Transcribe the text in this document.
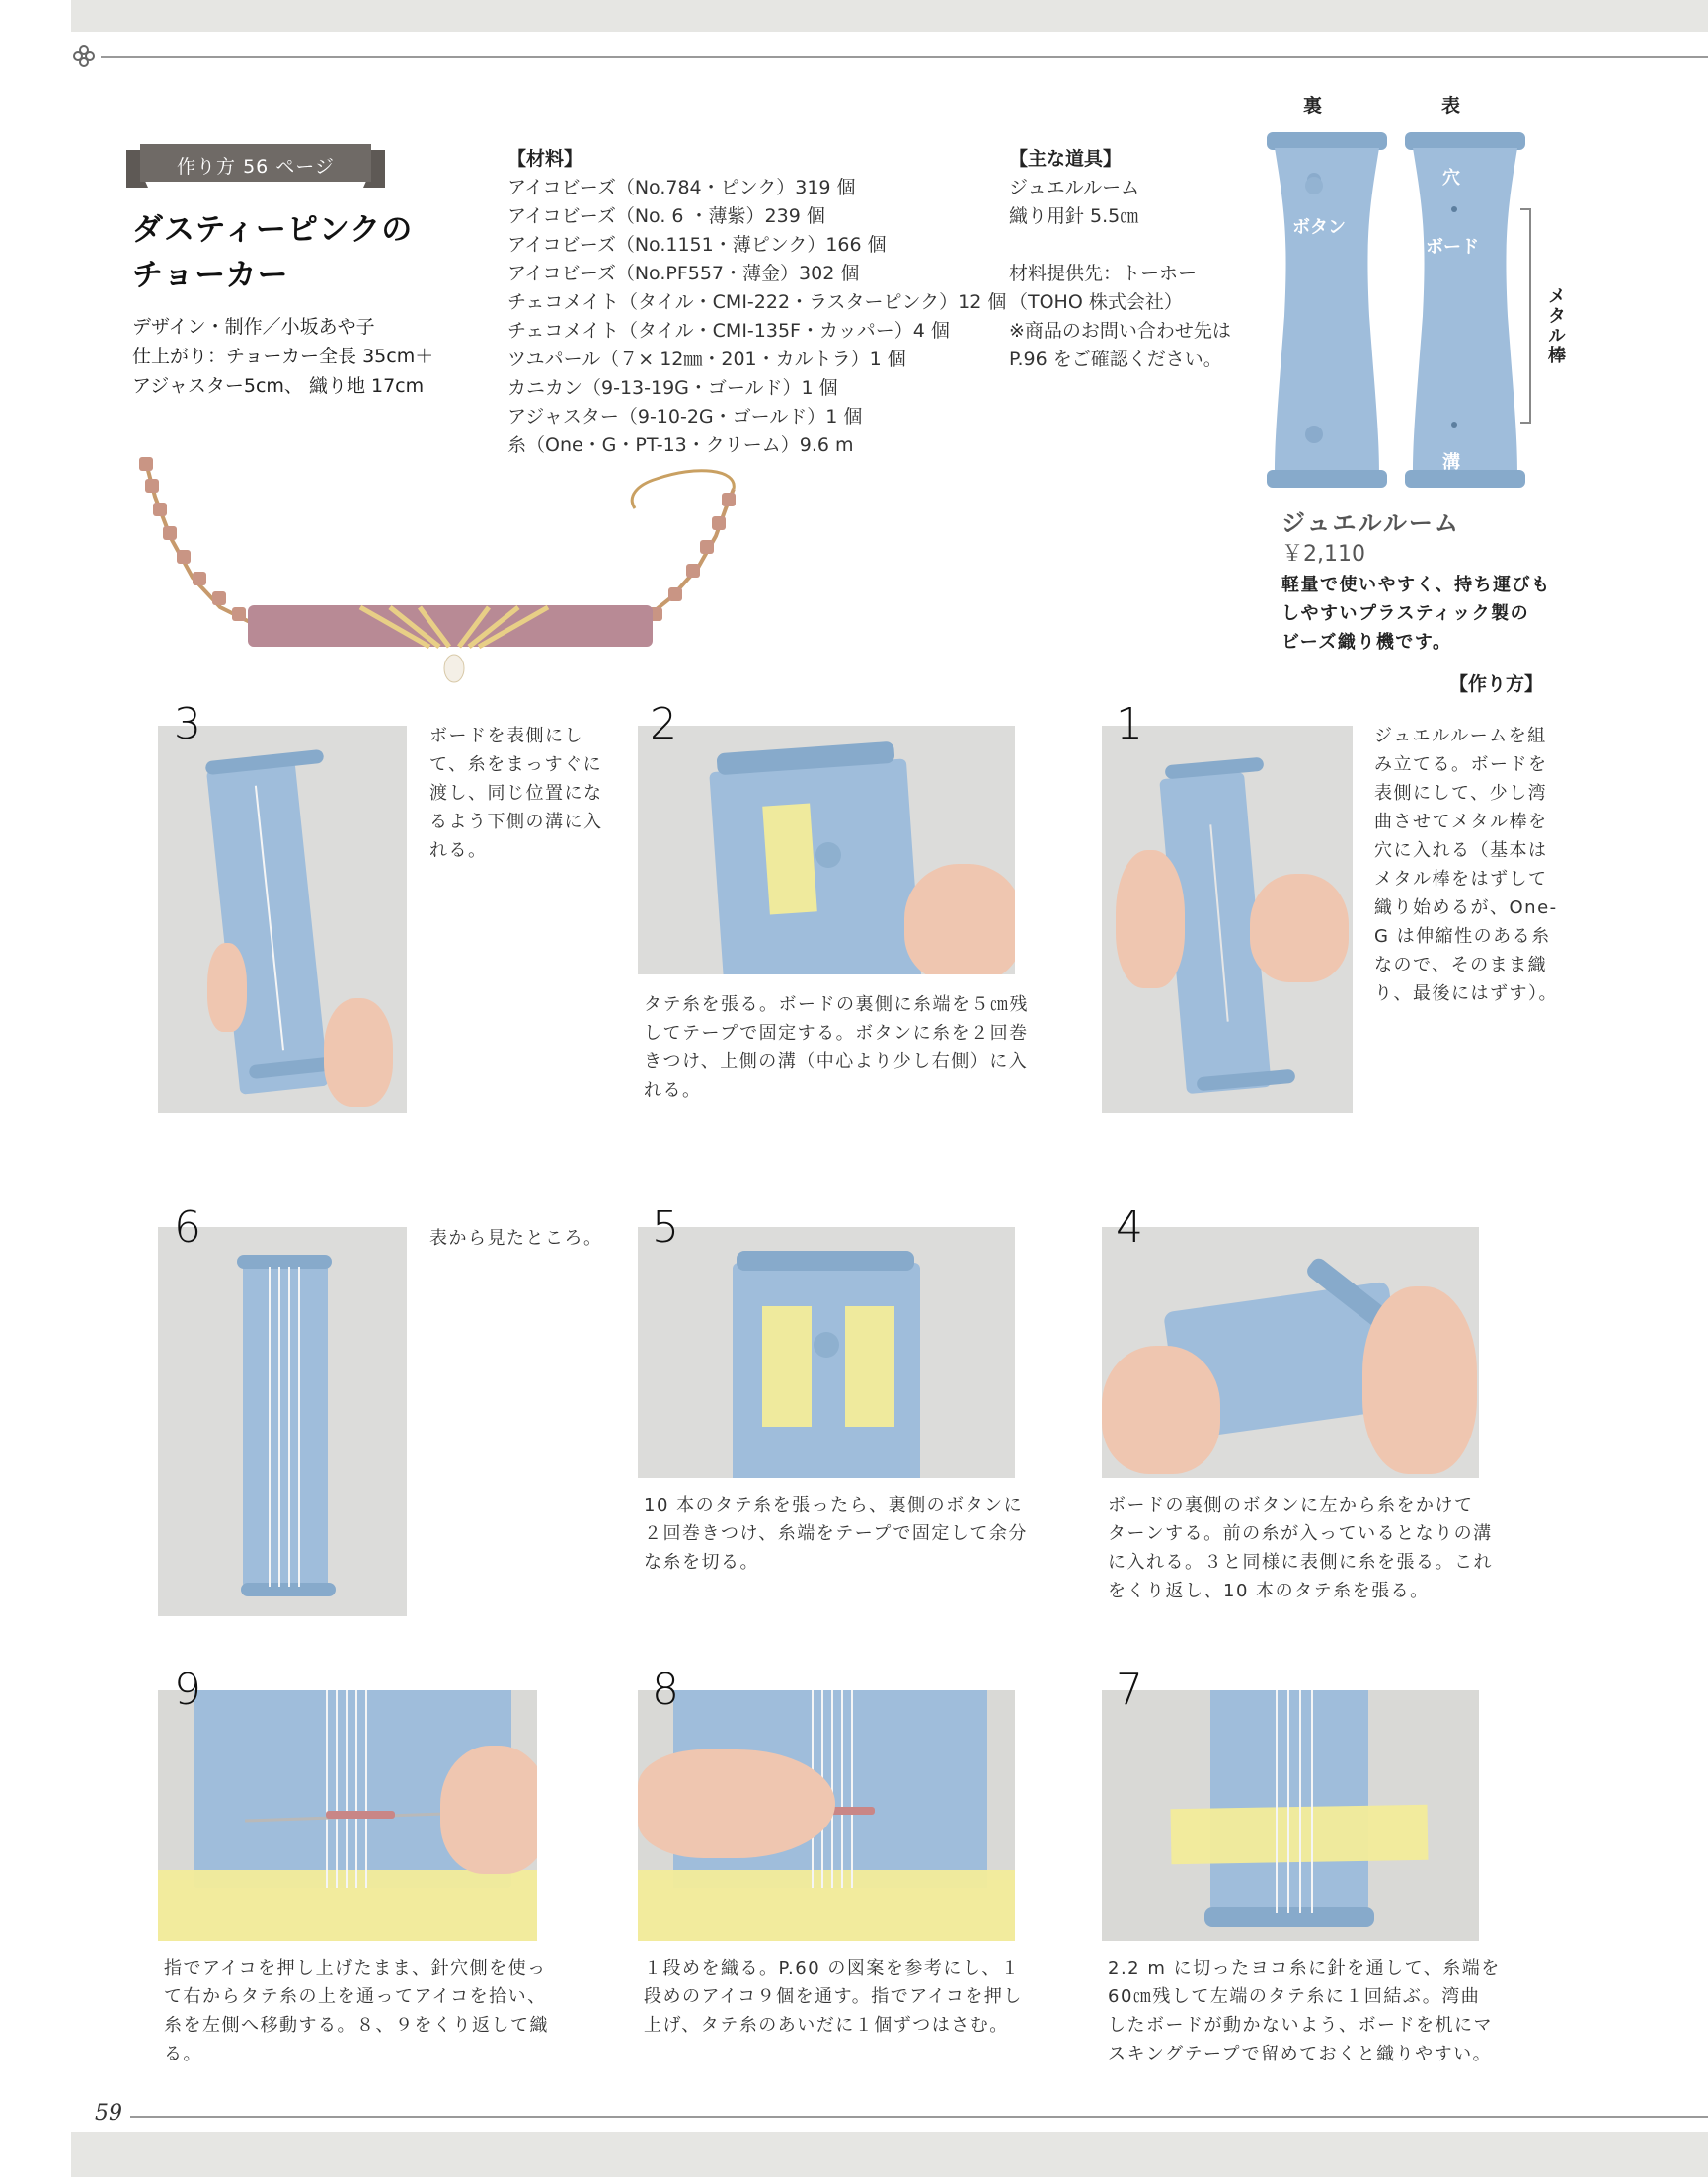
59
作り方 56 ページ
ダスティーピンクの
チョーカー
デザイン・制作／小坂あや子
仕上がり：チョーカー全長 35cm＋
アジャスター5cm、 織り地 17cm
【材料】
アイコビーズ（No.784・ピンク）319 個
アイコビーズ（No. 6 ・薄紫）239 個
アイコビーズ（No.1151・薄ピンク）166 個
アイコビーズ（No.PF557・薄金）302 個
チェコメイト（タイル・CMI-222・ラスターピンク）12 個
チェコメイト（タイル・CMI-135F・カッパー）4 個
ツユパール（７× 12㎜・201・カルトラ）1 個
カニカン（9-13-19G・ゴールド）1 個
アジャスター（9-10-2G・ゴールド）1 個
糸（One・G・PT-13・クリーム）9.6 m
【主な道具】
ジュエルルーム
織り用針 5.5㎝
材料提供先：トーホー
（TOHO 株式会社）
※商品のお問い合わせ先は
P.96 をご確認ください。
裏	表
ボタン
穴
ボード
溝
メタル棒
ジュエルルーム
￥2,110
軽量で使いやすく、持ち運びも
しやすいプラスティック製の
ビーズ織り機です。
【作り方】
3	ボードを表側にし
て、糸をまっすぐに
渡し、同じ位置にな
るよう下側の溝に入
れる。
2
タテ糸を張る。ボードの裏側に糸端を５㎝残
してテープで固定する。ボタンに糸を２回巻
きつけ、上側の溝（中心より少し右側）に入
れる。
1	ジュエルルームを組
み立てる。ボードを
表側にして、少し湾
曲させてメタル棒を
穴に入れる（基本は
メタル棒をはずして
織り始めるが、One-
G は伸縮性のある糸
なので、そのまま織
り、最後にはずす）。
6	表から見たところ。 5
10 本のタテ糸を張ったら、裏側のボタンに
２回巻きつけ、糸端をテープで固定して余分
な糸を切る。
4
ボードの裏側のボタンに左から糸をかけて
ターンする。前の糸が入っているとなりの溝
に入れる。３と同様に表側に糸を張る。これ
をくり返し、10 本のタテ糸を張る。
9
指でアイコを押し上げたまま、針穴側を使っ
て右からタテ糸の上を通ってアイコを拾い、
糸を左側へ移動する。８、９をくり返して織
る。
8
１段めを織る。P.60 の図案を参考にし、１
段めのアイコ９個を通す。指でアイコを押し
上げ、タテ糸のあいだに１個ずつはさむ。
7
2.2 m に切ったヨコ糸に針を通して、糸端を
60㎝残して左端のタテ糸に１回結ぶ。湾曲
したボードが動かないよう、ボードを机にマ
スキングテープで留めておくと織りやすい。
